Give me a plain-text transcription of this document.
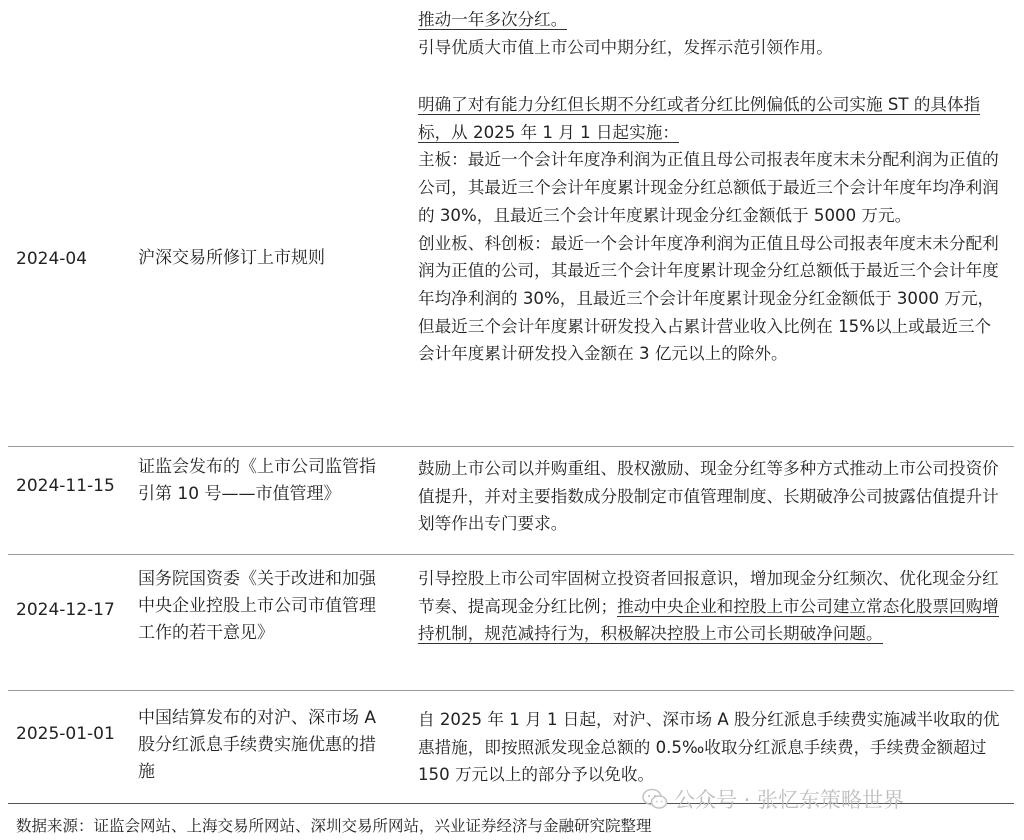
推动一年多次分红。

引导优质大市值上市公司中期分红，发挥示范引领作用。

2024-04	沪深交易所修订上市规则

明确了对有能力分红但长期不分红或者分红比例偏低的公司实施 ST 的具体指标，从 2025 年 1 月 1 日起实施：

主板：最近一个会计年度净利润为正值且母公司报表年度末未分配利润为正值的公司，其最近三个会计年度累计现金分红总额低于最近三个会计年度年均净利润的 30%，且最近三个会计年度累计现金分红金额低于 5000 万元。

创业板、科创板：最近一个会计年度净利润为正值且母公司报表年度末未分配利润为正值的公司，其最近三个会计年度累计现金分红总额低于最近三个会计年度年均净利润的 30%，且最近三个会计年度累计现金分红金额低于 3000 万元，但最近三个会计年度累计研发投入占累计营业收入比例在 15%以上或最近三个会计年度累计研发投入金额在 3 亿元以上的除外。

2024-11-15
证监会发布的《上市公司监管指引第 10 号——市值管理》

鼓励上市公司以并购重组、股权激励、现金分红等多种方式推动上市公司投资价值提升，并对主要指数成分股制定市值管理制度、长期破净公司披露估值提升计划等作出专门要求。

2024-12-17
国务院国资委《关于改进和加强中央企业控股上市公司市值管理工作的若干意见》

引导控股上市公司牢固树立投资者回报意识，增加现金分红频次、优化现金分红节奏、提高现金分红比例；推动中央企业和控股上市公司建立常态化股票回购增持机制，规范减持行为，积极解决控股上市公司长期破净问题。

2025-01-01
中国结算发布的对沪、深市场 A 股分红派息手续费实施优惠的措施

自 2025 年 1 月 1 日起，对沪、深市场 A 股分红派息手续费实施减半收取的优惠措施，即按照派发现金总额的 0.5‰收取分红派息手续费，手续费金额超过 150 万元以上的部分予以免收。

公众号 · 张忆东策略世界
数据来源：证监会网站、上海交易所网站、深圳交易所网站，兴业证券经济与金融研究院整理
